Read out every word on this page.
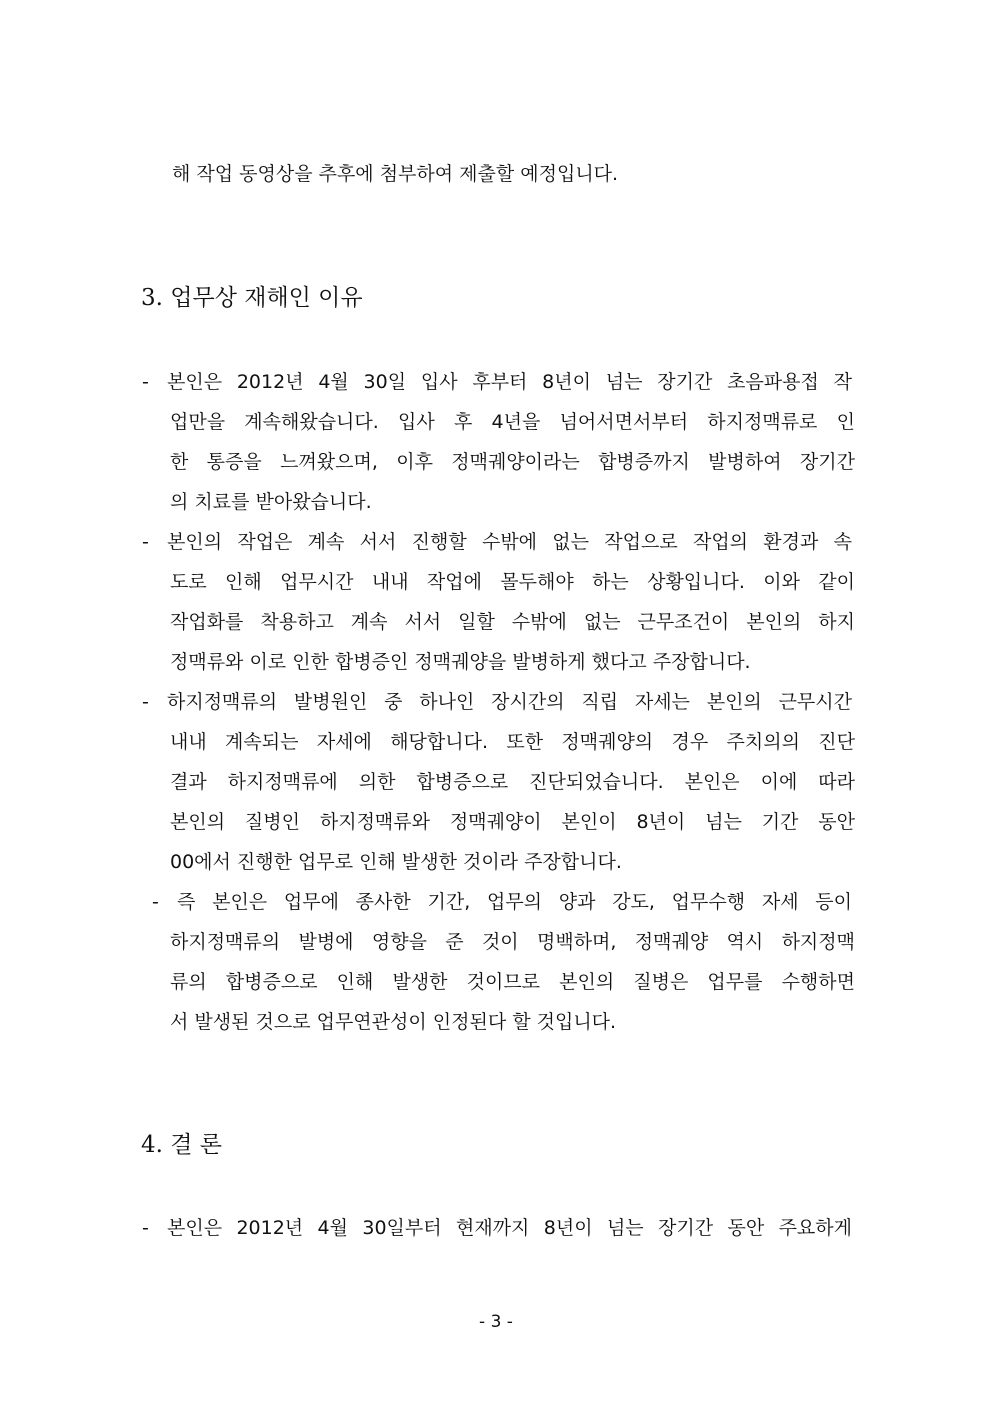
해 작업 동영상을 추후에 첨부하여 제출할 예정입니다.
3. 업무상 재해인 이유
- 본인은 2012년 4월 30일 입사 후부터 8년이 넘는 장기간 초음파용접 작
업만을 계속해왔습니다. 입사 후 4년을 넘어서면서부터 하지정맥류로 인
한 통증을 느껴왔으며, 이후 정맥궤양이라는 합병증까지 발병하여 장기간
의 치료를 받아왔습니다.
- 본인의 작업은 계속 서서 진행할 수밖에 없는 작업으로 작업의 환경과 속
도로 인해 업무시간 내내 작업에 몰두해야 하는 상황입니다. 이와 같이
작업화를 착용하고 계속 서서 일할 수밖에 없는 근무조건이 본인의 하지
정맥류와 이로 인한 합병증인 정맥궤양을 발병하게 했다고 주장합니다.
- 하지정맥류의 발병원인 중 하나인 장시간의 직립 자세는 본인의 근무시간
내내 계속되는 자세에 해당합니다. 또한 정맥궤양의 경우 주치의의 진단
결과 하지정맥류에 의한 합병증으로 진단되었습니다. 본인은 이에 따라
본인의 질병인 하지정맥류와 정맥궤양이 본인이 8년이 넘는 기간 동안
00에서 진행한 업무로 인해 발생한 것이라 주장합니다.
- 즉 본인은 업무에 종사한 기간, 업무의 양과 강도, 업무수행 자세 등이
하지정맥류의 발병에 영향을 준 것이 명백하며, 정맥궤양 역시 하지정맥
류의 합병증으로 인해 발생한 것이므로 본인의 질병은 업무를 수행하면
서 발생된 것으로 업무연관성이 인정된다 할 것입니다.
4. 결 론
- 본인은 2012년 4월 30일부터 현재까지 8년이 넘는 장기간 동안 주요하게
- 3 -
